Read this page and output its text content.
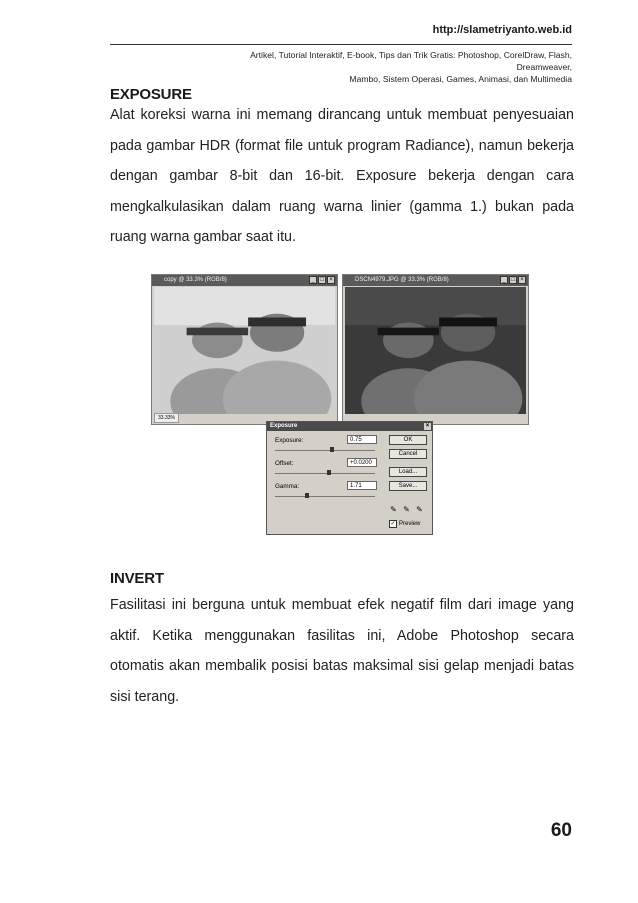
http://slametriyanto.web.id
Artikel, Tutorial Interaktif, E-book, Tips dan Trik Gratis: Photoshop, CorelDraw, Flash, Dreamweaver,
Mambo, Sistem Operasi, Games, Animasi, dan Multimedia
EXPOSURE
Alat koreksi warna ini memang dirancang untuk membuat penyesuaian pada gambar HDR (format file untuk program Radiance), namun bekerja dengan gambar 8-bit dan 16-bit. Exposure bekerja dengan cara mengkalkulasikan dalam ruang warna linier (gamma 1.) bukan pada ruang warna gambar saat itu.
copy @ 33.3% (RGB/8)	_ □ ×
33.33%
DSCN4979.JPG @ 33.3% (RGB/8)	_ □ ×
Exposure	×
Exposure:	0.75
Offset:	+0.0200
Gamma:	1.71
OK
Cancel
Load...
Save...
✎ ✎ ✎
✓ Preview
INVERT
Fasilitasi ini berguna untuk membuat efek negatif film dari image yang aktif. Ketika menggunakan fasilitas ini, Adobe Photoshop secara otomatis akan membalik posisi batas maksimal sisi gelap menjadi batas sisi terang.
60
